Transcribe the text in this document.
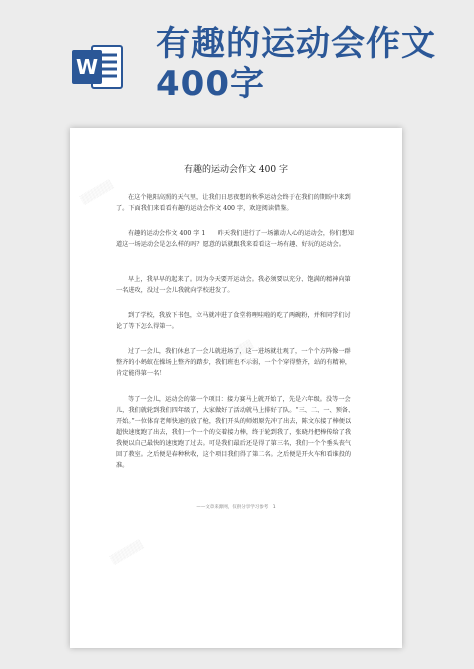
W
有趣的运动会作文
400字
▒▒▒▒▒
▒▒▒▒▒
▒▒▒▒▒
有趣的运动会作文 400 字

在这个艳阳高照的天气里，让我们日思夜想的秋季运动会终于在我们的期盼中来到了。下面我们来看看有趣的运动会作文 400 字，欢迎阅读借鉴。

有趣的运动会作文 400 字 1　　昨天我们进行了一场激动人心的运动会，你们想知道这一场运动会是怎么样的吗？愿意的话就跟我来看看这一场有趣、好玩的运动会。

早上，我早早的起来了。因为今天要开运动会。我必须要以充分、饱满的精神向第一名进攻，没过一会儿我就向学校进发了。

到了学校，我放下书包，立马就冲进了食堂将哩哇啦的吃了两碗粉，并和同学们讨论了等下怎么得第一。

过了一会儿，我们休息了一会儿就进场了，这一进场就壮观了，一个个方阵像一群整齐的小蚂蚁在操场上整齐的踏步，我们班也不示弱，一个个穿得整齐，站的有精神，肯定能得第一名！

等了一会儿，运动会的第一个项目：接力赛马上就开始了，先是六年级。没等一会儿，我们就轮到我们四年级了，大家做好了活动就马上排好了队。“三、二、一、预备、开始。”一位体育老师快速的放了枪，我们开头的师姐原先冲了出去，陈文东接了棒便以超快速度跑了出去，我们一个一个的交着接力棒，终于轮到我了，张晓丹把棒传给了我我便以自己最快的速度跑了过去。可是我们最后还是得了第三名，我们一个个垂头丧气回了教室。之后便是春种秋收，这个项目我们得了第二名。之后便是开火车和看谁投的准。

——文章来源网，仅供分享学习参考　1
